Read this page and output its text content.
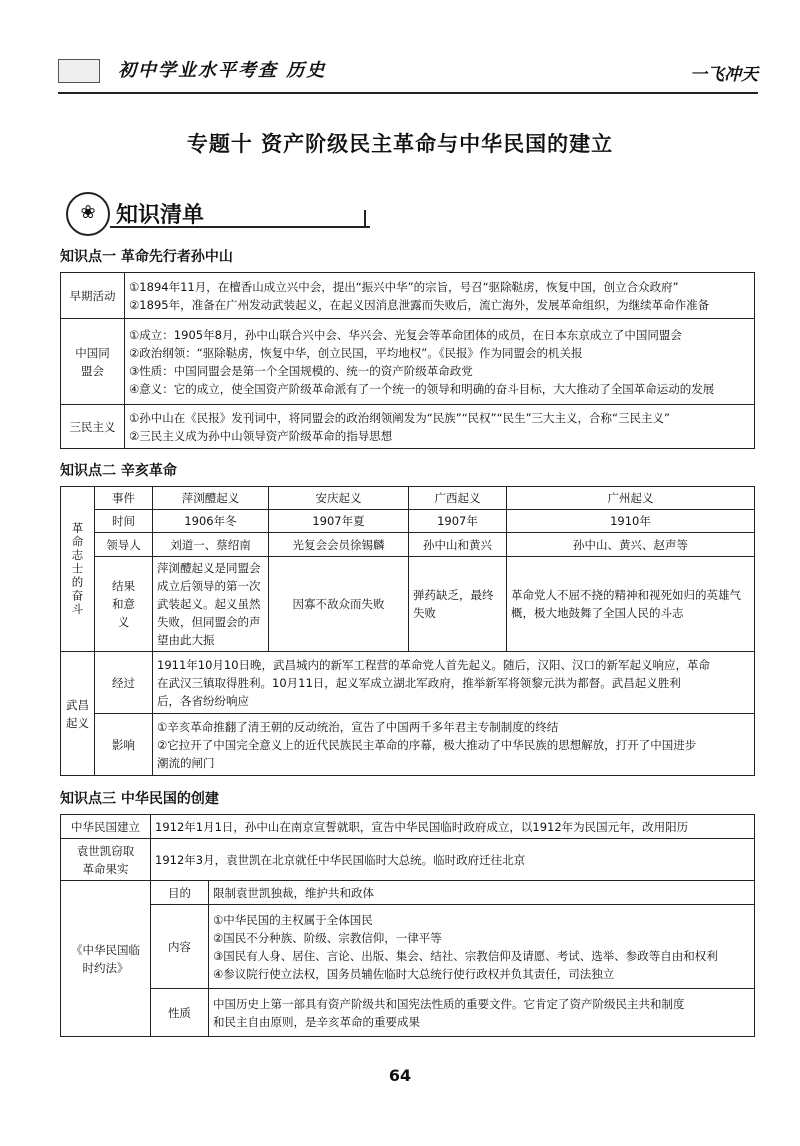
初中学业水平考查 历史	一飞冲天
专题十 资产阶级民主革命与中华民国的建立
❀ 知识清单
知识点一 革命先行者孙中山
早期活动	①1894年11月，在檀香山成立兴中会，提出“振兴中华”的宗旨，号召“驱除鞑虏，恢复中国，创立合众政府”
②1895年，准备在广州发动武装起义，在起义因消息泄露而失败后，流亡海外，发展革命组织，为继续革命作准备

中国同盟会	①成立：1905年8月，孙中山联合兴中会、华兴会、光复会等革命团体的成员，在日本东京成立了中国同盟会
②政治纲领：“驱除鞑虏，恢复中华，创立民国，平均地权”。《民报》作为同盟会的机关报
③性质：中国同盟会是第一个全国规模的、统一的资产阶级革命政党
④意义：它的成立，使全国资产阶级革命派有了一个统一的领导和明确的奋斗目标，大大推动了全国革命运动的发展

三民主义	①孙中山在《民报》发刊词中，将同盟会的政治纲领阐发为“民族”“民权”“民生”三大主义，合称“三民主义”
②三民主义成为孙中山领导资产阶级革命的指导思想
知识点二 辛亥革命
革命志士的奋斗	事件	萍浏醴起义	安庆起义	广西起义	广州起义
	时间	1906年冬	1907年夏	1907年	1910年
	领导人	刘道一、蔡绍南	光复会会员徐锡麟	孙中山和黄兴	孙中山、黄兴、赵声等

	结果和意义	萍浏醴起义是同盟会成立后领导的第一次武装起义。起义虽然失败，但同盟会的声望由此大振	因寡不敌众而失败	弹药缺乏，最终失败	革命党人不屈不挠的精神和视死如归的英雄气概，极大地鼓舞了全国人民的斗志

武昌起义	经过	1911年10月10日晚，武昌城内的新军工程营的革命党人首先起义。随后，汉阳、汉口的新军起义响应，革命
在武汉三镇取得胜利。10月11日，起义军成立湖北军政府，推举新军将领黎元洪为都督。武昌起义胜利
后，各省纷纷响应			

	影响	①辛亥革命推翻了清王朝的反动统治，宣告了中国两千多年君主专制制度的终结
②它拉开了中国完全意义上的近代民族民主革命的序幕，极大推动了中华民族的思想解放，打开了中国进步
潮流的闸门			
知识点三 中华民国的创建
中华民国建立	1912年1月1日，孙中山在南京宣誓就职，宣告中华民国临时政府成立，以1912年为民国元年，改用阳历	

袁世凯窃取革命果实	1912年3月，袁世凯在北京就任中华民国临时大总统。临时政府迁往北京	

《中华民国临时约法》	目的	限制袁世凯独裁，维护共和政体
	内容	①中华民国的主权属于全体国民
②国民不分种族、阶级、宗教信仰，一律平等
③国民有人身、居住、言论、出版、集会、结社、宗教信仰及请愿、考试、选举、参政等自由和权利
④参议院行使立法权，国务员辅佐临时大总统行使行政权并负其责任，司法独立

	性质	中国历史上第一部具有资产阶级共和国宪法性质的重要文件。它肯定了资产阶级民主共和制度
和民主自由原则，是辛亥革命的重要成果
64
